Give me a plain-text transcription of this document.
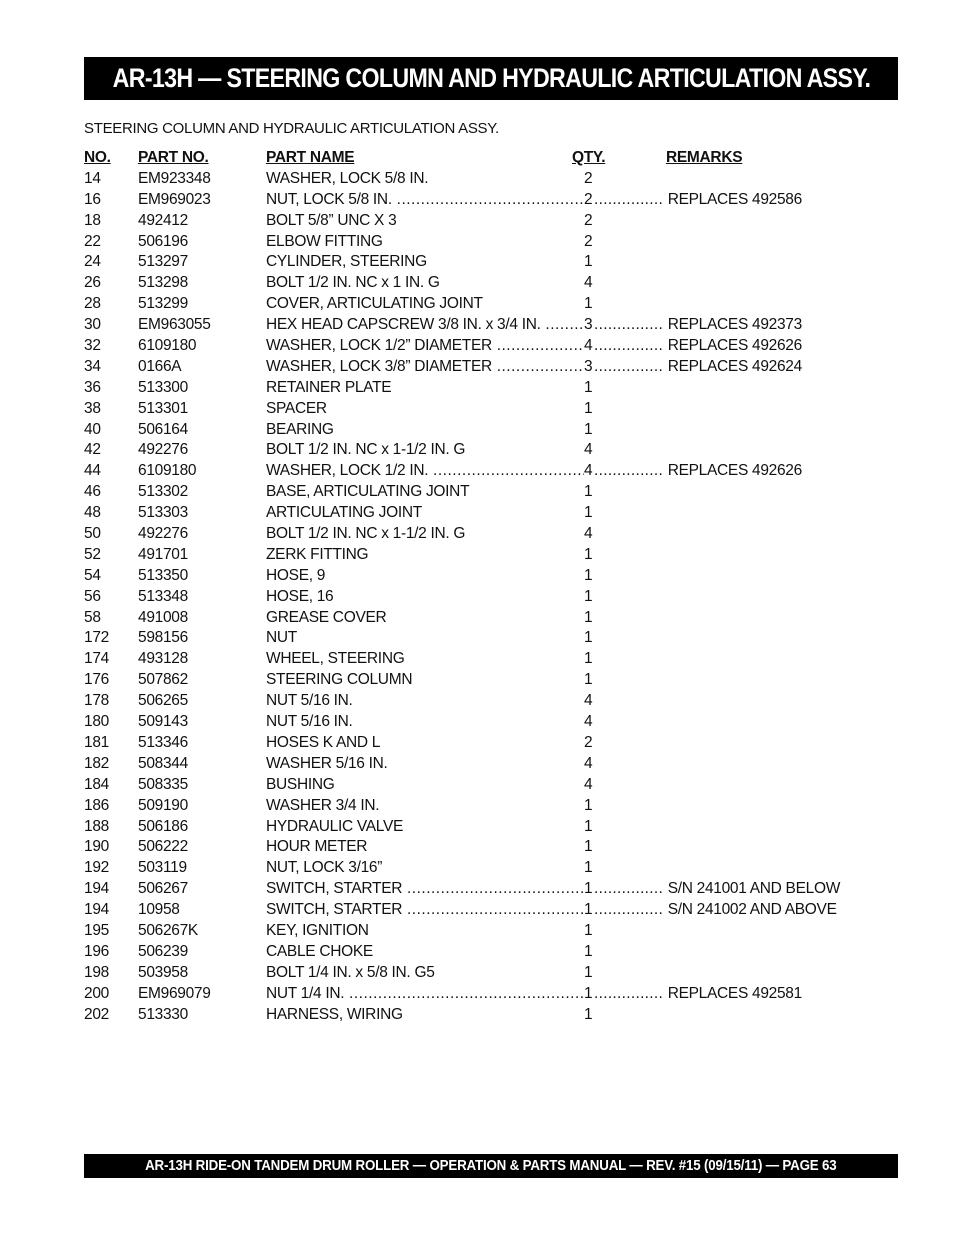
AR-13H — STEERING COLUMN AND HYDRAULIC ARTICULATION ASSY.
STEERING COLUMN AND HYDRAULIC ARTICULATION ASSY.
NO. PART NO.	PART NAME	QTY.	REMARKS
14 EM923348	WASHER, LOCK 5/8 IN.	2
16 EM969023	NUT, LOCK 5/8 IN. .....	2	..... REPLACES 492586
18 492412	BOLT 5/8” UNC X 3	2
22 506196	ELBOW FITTING	2
24 513297	CYLINDER, STEERING	1
26 513298	BOLT 1/2 IN. NC x 1 IN. G	4
28 513299	COVER, ARTICULATING JOINT	1
30 EM963055	HEX HEAD CAPSCREW 3/8 IN. x 3/4 IN. .....	3	..... REPLACES 492373
32 6109180	WASHER, LOCK 1/2” DIAMETER .....	4	..... REPLACES 492626
34 0166A	WASHER, LOCK 3/8” DIAMETER .....	3	..... REPLACES 492624
36 513300	RETAINER PLATE	1
38 513301	SPACER	1
40 506164	BEARING	1
42 492276	BOLT 1/2 IN. NC x 1-1/2 IN. G	4
44 6109180	WASHER, LOCK 1/2 IN. .....	4	..... REPLACES 492626
46 513302	BASE, ARTICULATING JOINT	1
48 513303	ARTICULATING JOINT	1
50 492276	BOLT 1/2 IN. NC x 1-1/2 IN. G	4
52 491701	ZERK FITTING	1
54 513350	HOSE, 9	1
56 513348	HOSE, 16	1
58 491008	GREASE COVER	1
172 598156	NUT	1
174 493128	WHEEL, STEERING	1
176 507862	STEERING COLUMN	1
178 506265	NUT 5/16 IN.	4
180 509143	NUT 5/16 IN.	4
181 513346	HOSES K AND L	2
182 508344	WASHER 5/16 IN.	4
184 508335	BUSHING	4
186 509190	WASHER 3/4 IN.	1
188 506186	HYDRAULIC VALVE	1
190 506222	HOUR METER	1
192 503119	NUT, LOCK 3/16”	1
194 506267	SWITCH, STARTER .....	1	..... S/N 241001 AND BELOW
194 10958	SWITCH, STARTER .....	1	..... S/N 241002 AND ABOVE
195 506267K	KEY, IGNITION	1
196 506239	CABLE CHOKE	1
198 503958	BOLT 1/4 IN. x 5/8 IN. G5	1
200 EM969079	NUT 1/4 IN. .....	1	..... REPLACES 492581
202 513330	HARNESS, WIRING	1
AR-13H RIDE-ON TANDEM DRUM ROLLER — OPERATION & PARTS MANUAL — REV. #15 (09/15/11) — PAGE 63
